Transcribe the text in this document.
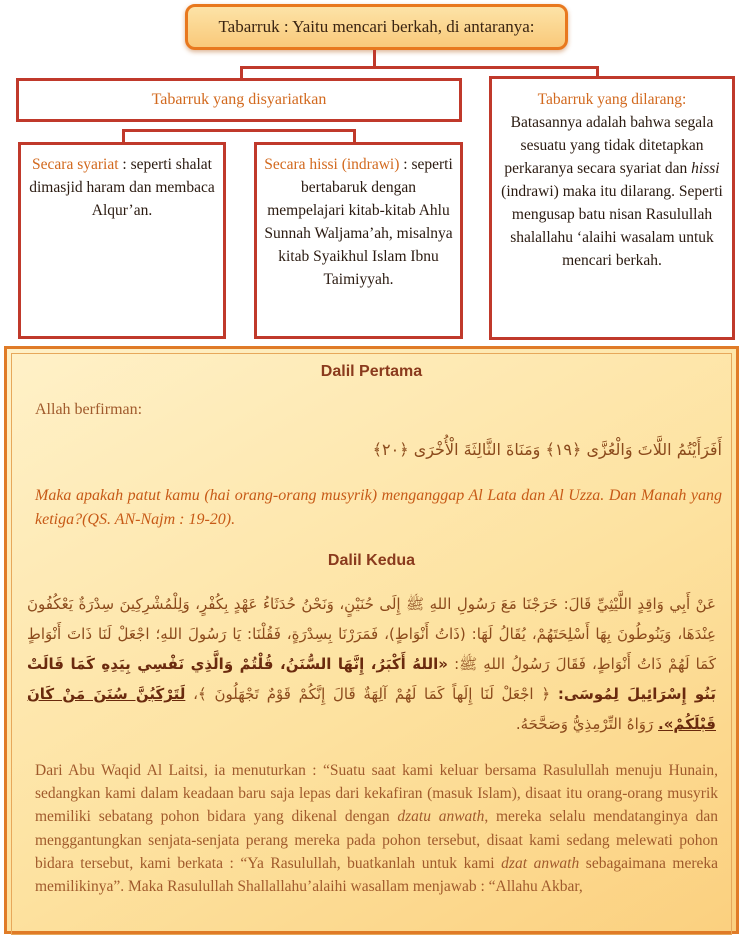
Tabarruk : Yaitu mencari berkah, di antaranya:
Tabarruk yang disyariatkan
Secara syariat : seperti shalat dimasjid haram dan membaca Alqur’an.
Secara hissi (indrawi) : seperti bertabaruk dengan mempelajari kitab-kitab Ahlu Sunnah Waljama’ah, misalnya kitab Syaikhul Islam Ibnu Taimiyyah.
Tabarruk yang dilarang:
Batasannya adalah bahwa segala sesuatu yang tidak ditetapkan perkaranya secara syariat dan hissi (indrawi) maka itu dilarang. Seperti mengusap batu nisan Rasulullah shalallahu ‘alaihi wasalam untuk mencari berkah.
Dalil Pertama
Allah berfirman:
أَفَرَأَيْتُمُ اللَّاتَ وَالْعُزَّى ﴿١٩﴾ وَمَنَاةَ الثَّالِثَةَ الْأُخْرَى ﴿٢٠﴾
Maka apakah patut kamu (hai orang-orang musyrik) menganggap Al Lata dan Al Uzza. Dan Manah yang ketiga?(QS. AN-Najm : 19-20).
Dalil Kedua
عَنْ أَبِي وَاقِدٍ اللَّيْثِيِّ قَالَ: خَرَجْنَا مَعَ رَسُولِ اللهِ ﷺ إِلَى حُنَيْنٍ، وَنَحْنُ حُدَثَاءُ عَهْدٍ بِكُفْرٍ، وَلِلْمُشْرِكِينَ سِدْرَةٌ يَعْكُفُونَ عِنْدَهَا، وَيَنُوطُونَ بِهَا أَسْلِحَتَهُمْ، يُقَالُ لَهَا: (ذَاتُ أَنْوَاطٍ)، فَمَرَرْنَا بِسِدْرَةٍ، فَقُلْنَا: يَا رَسُولَ اللهِ؛ اجْعَلْ لَنَا ذَاتَ أَنْوَاطٍ كَمَا لَهُمْ ذَاتُ أَنْوَاطٍ، فَقَالَ رَسُولُ اللهِ ﷺ: «اللهُ أَكْبَرُ، إِنَّهَا السُّنَنُ، قُلْتُمْ وَالَّذِي نَفْسِي بِيَدِهِ كَمَا قَالَتْ بَنُو إِسْرَائِيلَ لِمُوسَى: ﴿ اجْعَلْ لَنَا إِلَهاً كَمَا لَهُمْ آلِهَةٌ قَالَ إِنَّكُمْ قَوْمٌ تَجْهَلُونَ ﴾، لَتَرْكَبُنَّ سُنَنَ مَنْ كَانَ قَبْلَكُمْ». رَوَاهُ التِّرْمِذِيُّ وَصَحَّحَهُ.
Dari Abu Waqid Al Laitsi, ia menuturkan : “Suatu saat kami keluar bersama Rasulullah menuju Hunain, sedangkan kami dalam keadaan baru saja lepas dari kekafiran (masuk Islam), disaat itu orang-orang musyrik memiliki sebatang pohon bidara yang dikenal dengan dzatu anwath, mereka selalu mendatanginya dan menggantungkan senjata-senjata perang mereka pada pohon tersebut, disaat kami sedang melewati pohon bidara tersebut, kami berkata : “Ya Rasulullah, buatkanlah untuk kami dzat anwath sebagaimana mereka memilikinya”. Maka Rasulullah Shallallahu’alaihi wasallam menjawab : “Allahu Akbar,
